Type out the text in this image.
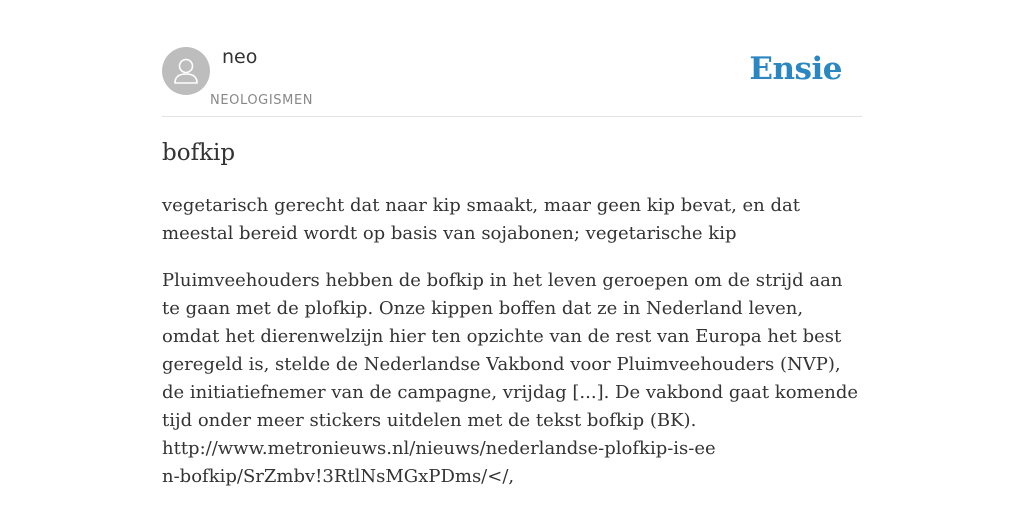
neo
NEOLOGISMEN
Ensie
bofkip

vegetarisch gerecht dat naar kip smaakt, maar geen kip bevat, en dat meestal bereid wordt op basis van sojabonen; vegetarische kip

Pluimveehouders hebben de bofkip in het leven geroepen om de strijd aan te gaan met de plofkip. Onze kippen boffen dat ze in Nederland leven, omdat het dierenwelzijn hier ten opzichte van de rest van Europa het best geregeld is, stelde de Nederlandse Vakbond voor Pluimveehouders (NVP), de initiatiefnemer van de campagne, vrijdag [...]. De vakbond gaat komende tijd onder meer stickers uitdelen met de tekst bofkip (BK).
http://www.metronieuws.nl/nieuws/nederlandse-plofkip-is-een-bofkip/SrZmbv!3RtlNsMGxPDms/</,
